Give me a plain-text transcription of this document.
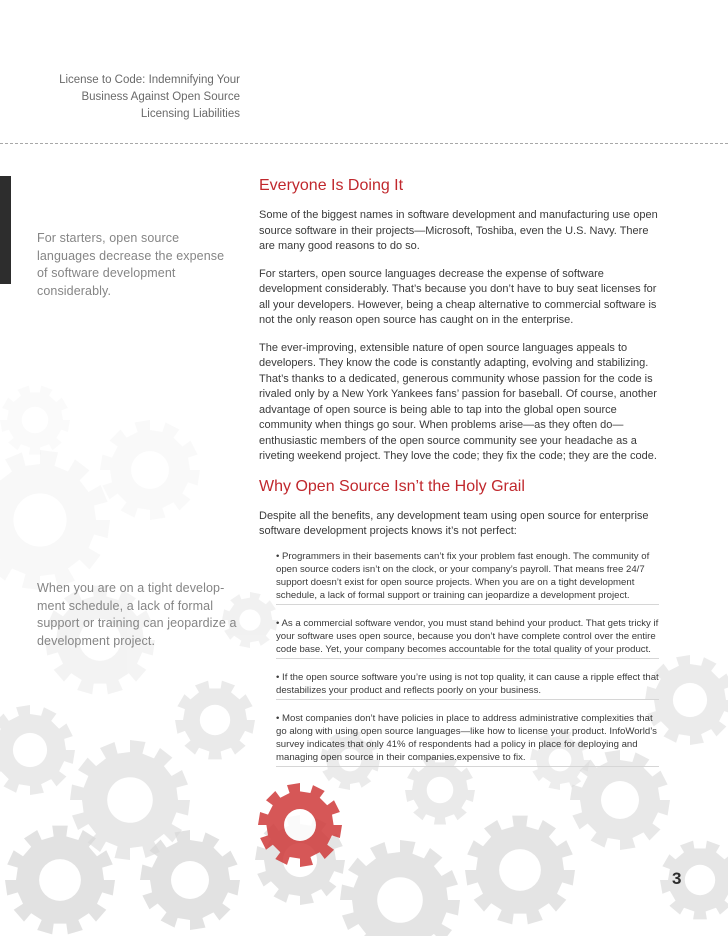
License to Code: Indemnifying Your
Business Against Open Source
Licensing Liabilities
For starters, open source languages decrease the expense of software development considerably.
When you are on a tight develop-ment schedule, a lack of formal support or training can jeopardize a development project.
Everyone Is Doing It

Some of the biggest names in software development and manufacturing use open source software in their projects—Microsoft, Toshiba, even the U.S. Navy. There are many good reasons to do so.

For starters, open source languages decrease the expense of software development considerably. That’s because you don’t have to buy seat licenses for all your developers. However, being a cheap alternative to commercial software is not the only reason open source has caught on in the enterprise.

The ever-improving, extensible nature of open source languages appeals to developers. They know the code is constantly adapting, evolving and stabilizing. That’s thanks to a dedicated, generous community whose passion for the code is rivaled only by a New York Yankees fans’ passion for baseball. Of course, another advantage of open source is being able to tap into the global open source community when things go sour. When problems arise—as they often do—enthusiastic members of the open source community see your headache as a riveting weekend project. They love the code; they fix the code; they are the code.

Why Open Source Isn’t the Holy Grail

Despite all the benefits, any development team using open source for enterprise software development projects knows it’s not perfect:

• Programmers in their basements can’t fix your problem fast enough. The community of open source coders isn’t on the clock, or your company’s payroll. That means free 24/7 support doesn’t exist for open source projects. When you are on a tight development schedule, a lack of formal support or training can jeopardize a development project.
• As a commercial software vendor, you must stand behind your product. That gets tricky if your software uses open source, because you don’t have complete control over the entire code base. Yet, your company becomes accountable for the total quality of your product.
• If the open source software you’re using is not top quality, it can cause a ripple effect that destabilizes your product and reflects poorly on your business.
• Most companies don’t have policies in place to address administrative complexities that go along with using open source languages—like how to license your product. InfoWorld’s survey indicates that only 41% of respondents had a policy in place for deploying and managing open source in their companies.expensive to fix.
3
